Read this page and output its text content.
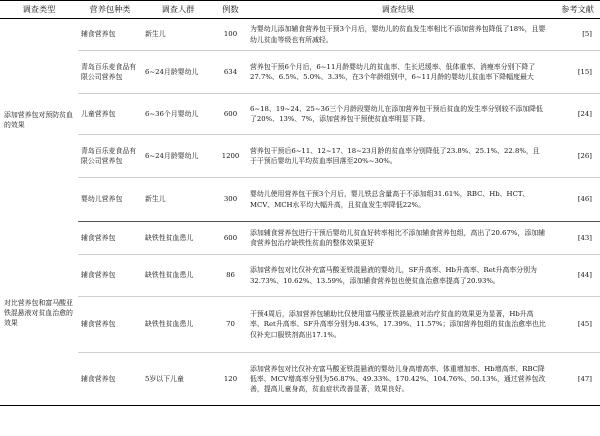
调查类型	营养包种类	调查人群	例数	调查结果	参考文献
添加营养包对预防贫血的效果	辅食营养包	新生儿	100	为婴幼儿添加辅食营养包干预3个月后，婴幼儿的贫血发生率相比不添加营养包降低了18%，且婴幼儿贫血等级也有所减轻。	[5]
	青岛百乐麦食品有限公司营养包	6~24月龄婴幼儿	634	营养包干预6个月后，6~11月龄婴幼儿的贫血率、生长迟缓率、低体重率、消瘦率分别下降了27.7%、6.5%、5.0%、3.3%，在3个年龄组别中，6~11月龄的婴幼儿贫血率下降幅度最大	[15]
	儿童营养包	6~36个月婴幼儿	600	6~18、19~24、25~36三个月龄段婴幼儿在添加营养包干预后贫血的发生率分别较不添加降低了20%、13%、7%，添加营养包干预使贫血率明显下降。	[24]
	青岛百乐麦食品有限公司营养包	6~24月龄婴幼儿	1200	营养包干预后6~11、12~17、18~23月龄的贫血率分别降低了23.8%、25.1%、22.8%，且于干预后婴幼儿平均贫血率回落至20%~30%。	[26]
	婴幼儿营养包	新生儿	300	婴幼儿使用营养包干预3个月后，婴儿铁总含量高于不添加组31.61%，RBC、Hb、HCT、MCV、MCH水平均大幅升高，且贫血发生率降低22%。	[46]
对比营养包和富马酸亚铁混悬液对贫血治愈的效果	辅食营养包	缺铁性贫血患儿	600	添加辅食营养包进行干预后婴幼儿贫血好转率相比不添加辅食营养包组，高出了20.67%，添加辅食营养包治疗缺铁性贫血的整体效果更好	[43]
	辅食营养包	缺铁性贫血患儿	86	添加营养包对比仅补充富马酸亚铁混悬液的婴幼儿，SF升高率、Hb升高率、Ret升高率分别为32.73%、10.62%、13.59%，添加辅食营养包也使贫血治愈率提高了20.93%。	[44]
	辅食营养包	缺铁性贫血患儿	70	干预4周后，添加营养包辅助比仅使用富马酸亚铁混悬液对治疗贫血的效果更为显著，Hb升高率、Ret升高率、SF升高率分别为8.43%、17.39%、11.57%；添加营养包组的贫血治愈率也比仅补充口服铁剂高出17.1%。	[45]
	辅食营养包	5岁以下儿童	120	添加营养包对比仅补充富马酸亚铁混悬液的婴幼儿身高增高率、体重增加率、Hb增高率、RBC降低率、MCV增高率分别为56.87%、49.33%、170.42%、104.76%、50.13%，通过营养包改善，提高儿童身高，贫血症状改善显著，效果良好。	[47]
